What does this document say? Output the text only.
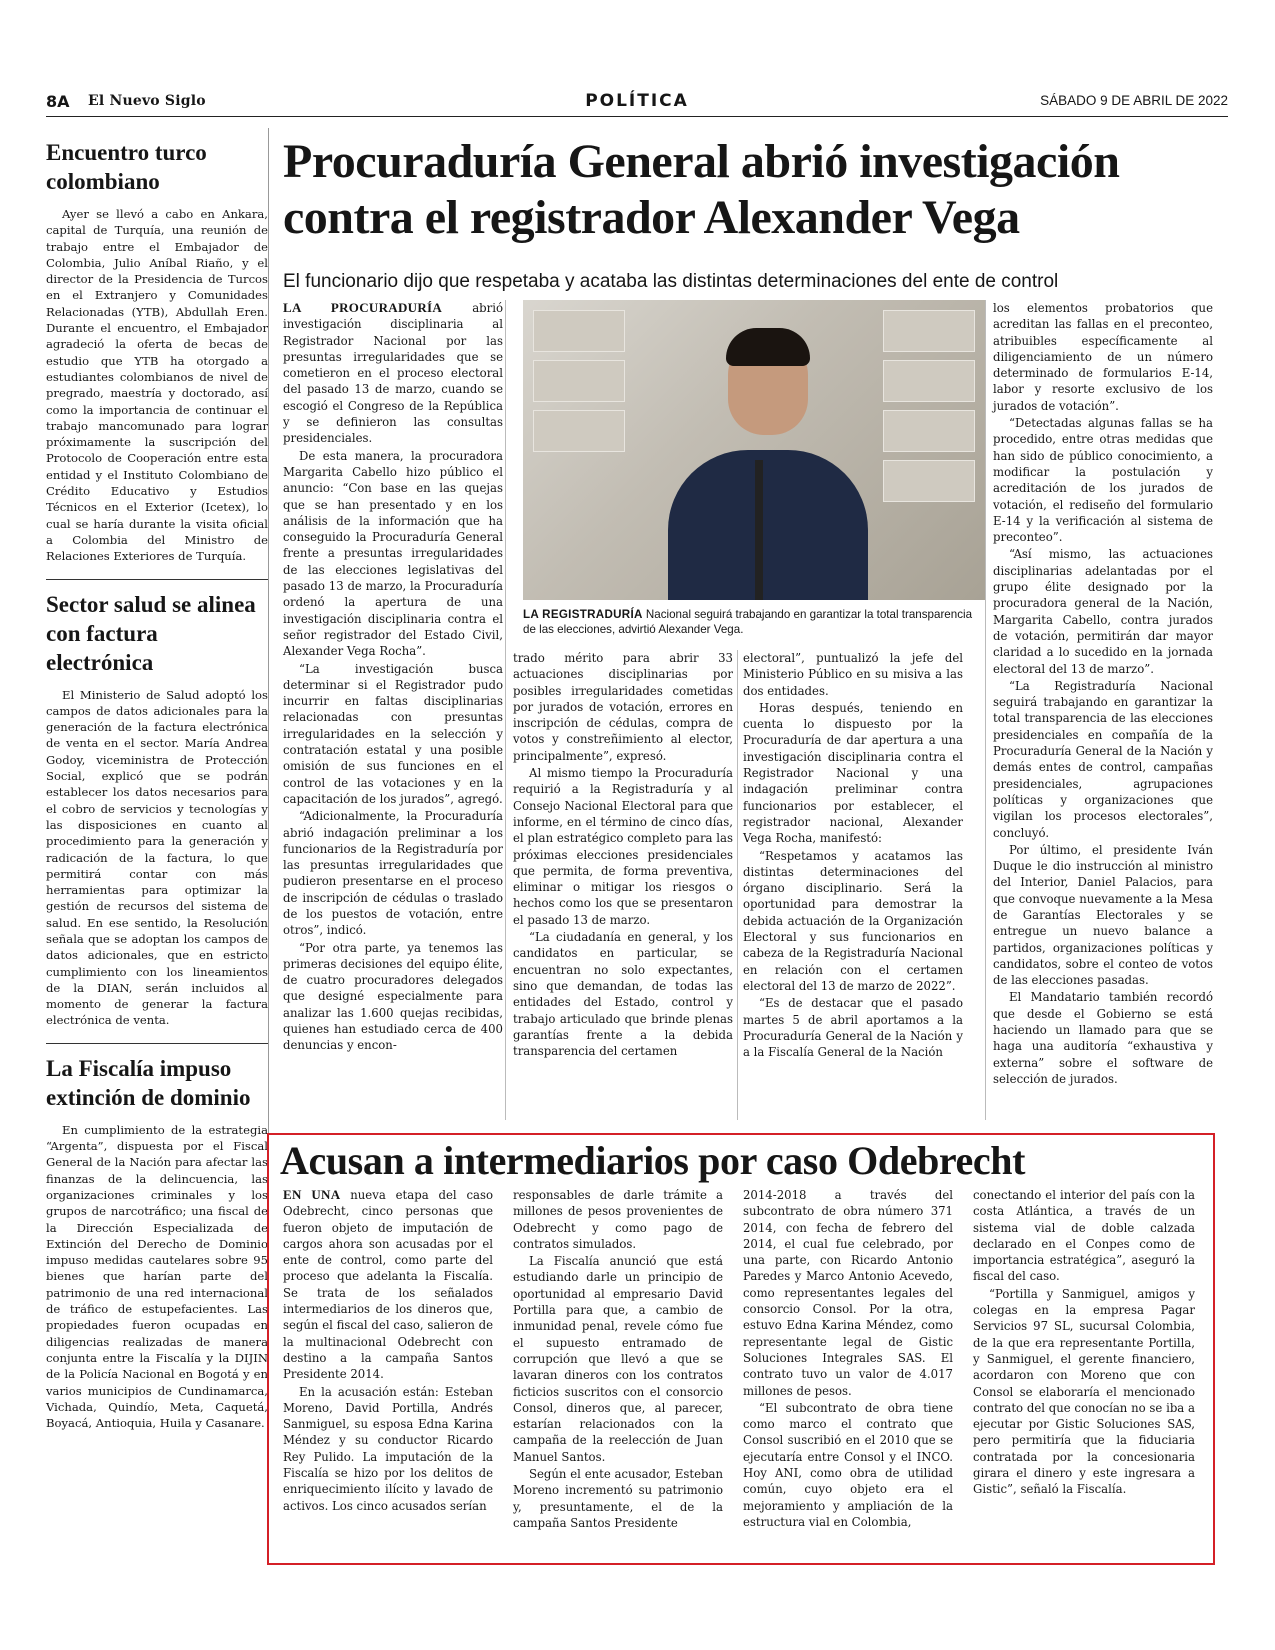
8A El Nuevo Siglo	POLÍTICA	SÁBADO 9 DE ABRIL DE 2022
Encuentro turco colombiano

Ayer se llevó a cabo en Ankara, capital de Turquía, una reunión de trabajo entre el Embajador de Colombia, Julio Aníbal Riaño, y el director de la Presidencia de Turcos en el Extranjero y Comunidades Relacionadas (YTB), Abdullah Eren. Durante el encuentro, el Embajador agradeció la oferta de becas de estudio que YTB ha otorgado a estudiantes colombianos de nivel de pregrado, maestría y doctorado, así como la importancia de continuar el trabajo mancomunado para lograr próximamente la suscripción del Protocolo de Cooperación entre esta entidad y el Instituto Colombiano de Crédito Educativo y Estudios Técnicos en el Exterior (Icetex), lo cual se haría durante la visita oficial a Colombia del Ministro de Relaciones Exteriores de Turquía.

Sector salud se alinea con factura electrónica

El Ministerio de Salud adoptó los campos de datos adicionales para la generación de la factura electrónica de venta en el sector. María Andrea Godoy, viceministra de Protección Social, explicó que se podrán establecer los datos necesarios para el cobro de servicios y tecnologías y las disposiciones en cuanto al procedimiento para la generación y radicación de la factura, lo que permitirá contar con más herramientas para optimizar la gestión de recursos del sistema de salud. En ese sentido, la Resolución señala que se adoptan los campos de datos adicionales, que en estricto cumplimiento con los lineamientos de la DIAN, serán incluidos al momento de generar la factura electrónica de venta.

La Fiscalía impuso extinción de dominio

En cumplimiento de la estrategia “Argenta”, dispuesta por el Fiscal General de la Nación para afectar las finanzas de la delincuencia, las organizaciones criminales y los grupos de narcotráfico; una fiscal de la Dirección Especializada de Extinción del Derecho de Dominio impuso medidas cautelares sobre 95 bienes que harían parte del patrimonio de una red internacional de tráfico de estupefacientes. Las propiedades fueron ocupadas en diligencias realizadas de manera conjunta entre la Fiscalía y la DIJIN de la Policía Nacional en Bogotá y en varios municipios de Cundinamarca, Vichada, Quindío, Meta, Caquetá, Boyacá, Antioquia, Huila y Casanare.

Procuraduría General abrió investigación contra el registrador Alexander Vega

El funcionario dijo que respetaba y acataba las distintas determinaciones del ente de control

LA PROCURADURÍA	abrió investigación disciplinaria al Registrador Nacional por las presuntas irregularidades que se cometieron en el proceso electoral del pasado 13 de marzo, cuando se escogió el Congreso de la República y se definieron las consultas presidenciales.

De esta manera, la procuradora Margarita Cabello hizo público el anuncio: “Con base en las quejas que se han presentado y en los análisis de la información que ha conseguido la Procuraduría General frente a presuntas irregularidades de las elecciones legislativas del pasado 13 de marzo, la Procuraduría ordenó la apertura de una investigación disciplinaria contra el señor registrador del Estado Civil, Alexander Vega Rocha”.

“La investigación busca determinar si el Registrador pudo incurrir en faltas disciplinarias relacionadas con presuntas irregularidades en la selección y contratación estatal y una posible omisión de sus funciones en el control de las votaciones y en la capacitación de los jurados”, agregó.

“Adicionalmente, la Procuraduría abrió indagación preliminar a los funcionarios de la Registraduría por las presuntas irregularidades que pudieron presentarse en el proceso de inscripción de cédulas o traslado de los puestos de votación, entre otros”, indicó.

“Por otra parte, ya tenemos las primeras decisiones del equipo élite, de cuatro procuradores delegados que designé especialmente para analizar las 1.600 quejas recibidas, quienes han estudiado cerca de 400 denuncias y encon-

LA REGISTRADURÍA Nacional seguirá trabajando en garantizar la total transparencia de las elecciones, advirtió Alexander Vega.

trado mérito para abrir 33 actuaciones disciplinarias por posibles irregularidades cometidas por jurados de votación, errores en inscripción de cédulas, compra de votos y constreñimiento al elector, principalmente”, expresó.

Al mismo tiempo la Procuraduría requirió a la Registraduría y al Consejo Nacional Electoral para que informe, en el término de cinco días, el plan estratégico completo para las próximas elecciones presidenciales que permita, de forma preventiva, eliminar o mitigar los riesgos o hechos como los que se presentaron el pasado 13 de marzo.

“La ciudadanía en general, y los candidatos en particular, se encuentran no solo expectantes, sino que demandan, de todas las entidades del Estado, control y trabajo articulado que brinde plenas garantías frente a la debida transparencia del certamen

electoral”, puntualizó la jefe del Ministerio Público en su misiva a las dos entidades.

Horas después, teniendo en cuenta lo dispuesto por la Procuraduría de dar apertura a una investigación disciplinaria contra el Registrador Nacional y una indagación preliminar contra funcionarios por establecer, el registrador nacional, Alexander Vega Rocha, manifestó:

“Respetamos y acatamos las distintas determinaciones del órgano disciplinario. Será la oportunidad para demostrar la debida actuación de la Organización Electoral y sus funcionarios en cabeza de la Registraduría Nacional en relación con el certamen electoral del 13 de marzo de 2022”.

“Es de destacar que el pasado martes 5 de abril aportamos a la Procuraduría General de la Nación y a la Fiscalía General de la Nación

los elementos probatorios que acreditan las fallas en el preconteo, atribuibles específicamente al diligenciamiento de un número determinado de formularios E-14, labor y resorte exclusivo de los jurados de votación”.

“Detectadas algunas fallas se ha procedido, entre otras medidas que han sido de público conocimiento, a modificar la postulación y acreditación de los jurados de votación, el rediseño del formulario E-14 y la verificación al sistema de preconteo”.

“Así mismo, las actuaciones disciplinarias adelantadas por el grupo élite designado por la procuradora general de la Nación, Margarita Cabello, contra jurados de votación, permitirán dar mayor claridad a lo sucedido en la jornada electoral del 13 de marzo”.

“La Registraduría Nacional seguirá trabajando en garantizar la total transparencia de las elecciones presidenciales en compañía de la Procuraduría General de la Nación y demás entes de control, campañas presidenciales, agrupaciones políticas y organizaciones que vigilan los procesos electorales”, concluyó.

Por último, el presidente Iván Duque le dio instrucción al ministro del Interior, Daniel Palacios, para que convoque nuevamente a la Mesa de Garantías Electorales y se entregue un nuevo balance a partidos, organizaciones políticas y candidatos, sobre el conteo de votos de las elecciones pasadas.

El Mandatario también recordó que desde el Gobierno se está haciendo un llamado para que se haga una auditoría “exhaustiva y externa” sobre el software de selección de jurados.

Acusan a intermediarios por caso Odebrecht

EN UNA nueva etapa del caso Odebrecht, cinco personas que fueron objeto de imputación de cargos ahora son acusadas por el ente de control, como parte del proceso que adelanta la Fiscalía. Se trata de los señalados intermediarios de los dineros que, según el fiscal del caso, salieron de la multinacional Odebrecht con destino a la campaña Santos Presidente 2014.

En la acusación están: Esteban Moreno, David Portilla, Andrés Sanmiguel, su esposa Edna Karina Méndez y su conductor Ricardo Rey Pulido. La imputación de la Fiscalía se hizo por los delitos de enriquecimiento ilícito y lavado de activos. Los cinco acusados serían

responsables de darle trámite a millones de pesos provenientes de Odebrecht y como pago de contratos simulados.

La Fiscalía anunció que está estudiando darle un principio de oportunidad al empresario David Portilla para que, a cambio de inmunidad penal, revele cómo fue el supuesto entramado de corrupción que llevó a que se lavaran dineros con los contratos ficticios suscritos con el consorcio Consol, dineros que, al parecer, estarían relacionados con la campaña de la reelección de Juan Manuel Santos.

Según el ente acusador, Esteban Moreno incrementó su patrimonio y, presuntamente, el de la campaña Santos Presidente

2014-2018 a través del subcontrato de obra número 371 2014, con fecha de febrero del 2014, el cual fue celebrado, por una parte, con Ricardo Antonio Paredes y Marco Antonio Acevedo, como representantes legales del consorcio Consol. Por la otra, estuvo Edna Karina Méndez, como representante legal de Gistic Soluciones Integrales SAS. El contrato tuvo un valor de 4.017 millones de pesos.

“El subcontrato de obra tiene como marco el contrato que Consol suscribió en el 2010 que se ejecutaría entre Consol y el INCO. Hoy ANI, como obra de utilidad común, cuyo objeto era el mejoramiento y ampliación de la estructura vial en Colombia,

conectando el interior del país con la costa Atlántica, a través de un sistema vial de doble calzada declarado en el Conpes como de importancia estratégica”, aseguró la fiscal del caso.

“Portilla y Sanmiguel, amigos y colegas en la empresa Pagar Servicios 97 SL, sucursal Colombia, de la que era representante Portilla, y Sanmiguel, el gerente financiero, acordaron con Moreno que con Consol se elaboraría el mencionado contrato del que conocían no se iba a ejecutar por Gistic Soluciones SAS, pero permitiría que la fiduciaria contratada por la concesionaria girara el dinero y este ingresara a Gistic”, señaló la Fiscalía.
